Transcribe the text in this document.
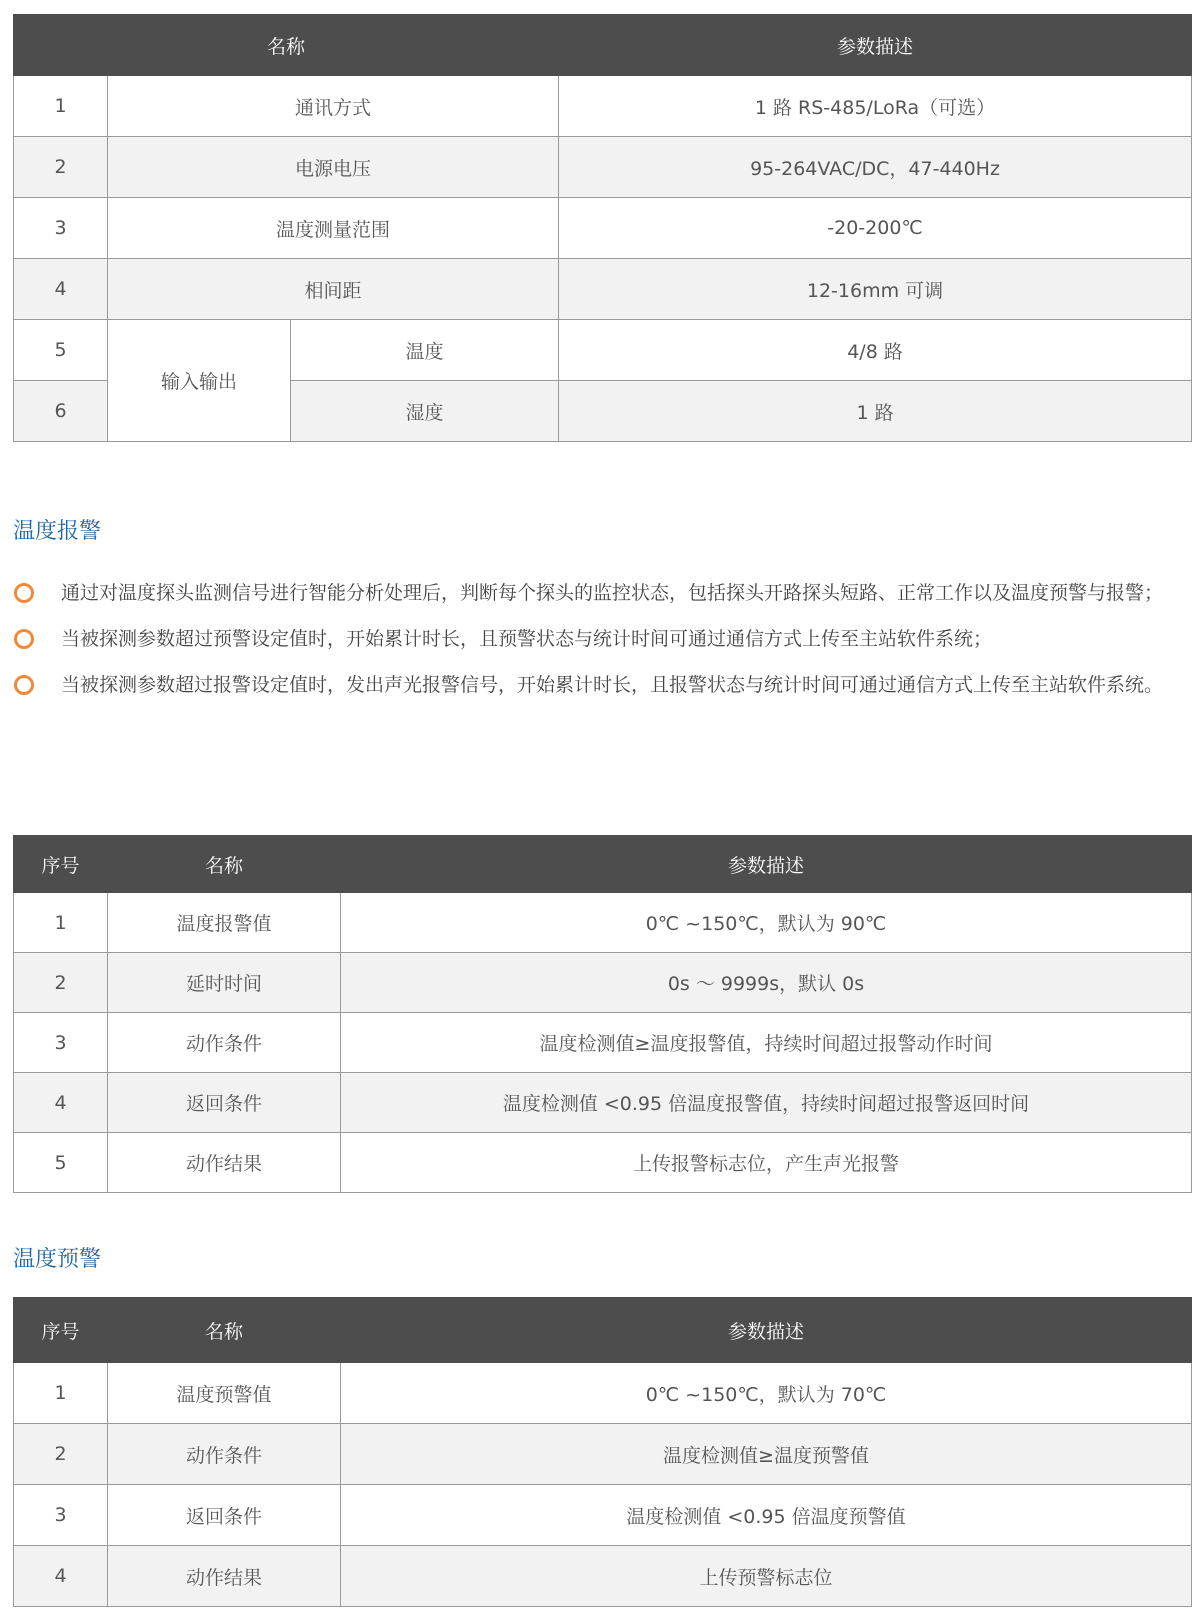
名称			参数描述
1	通讯方式		1 路 RS-485/LoRa（可选）
2	电源电压		95-264VAC/DC，47-440Hz
3	温度测量范围		-20-200℃
4	相间距		12-16mm 可调
5	输入输出	温度	4/8 路
6		湿度	1 路
温度报警
通过对温度探头监测信号进行智能分析处理后，判断每个探头的监控状态，包括探头开路探头短路、正常工作以及温度预警与报警；
当被探测参数超过预警设定值时，开始累计时长，且预警状态与统计时间可通过通信方式上传至主站软件系统；
当被探测参数超过报警设定值时，发出声光报警信号，开始累计时长，且报警状态与统计时间可通过通信方式上传至主站软件系统。
序号	名称	参数描述
1	温度报警值	0℃ ~150℃，默认为 90℃
2	延时时间	0s ～ 9999s，默认 0s
3	动作条件	温度检测值≥温度报警值，持续时间超过报警动作时间
4	返回条件	温度检测值 <0.95 倍温度报警值，持续时间超过报警返回时间
5	动作结果	上传报警标志位，产生声光报警
温度预警
序号	名称	参数描述
1	温度预警值	0℃ ~150℃，默认为 70℃
2	动作条件	温度检测值≥温度预警值
3	返回条件	温度检测值 <0.95 倍温度预警值
4	动作结果	上传预警标志位
